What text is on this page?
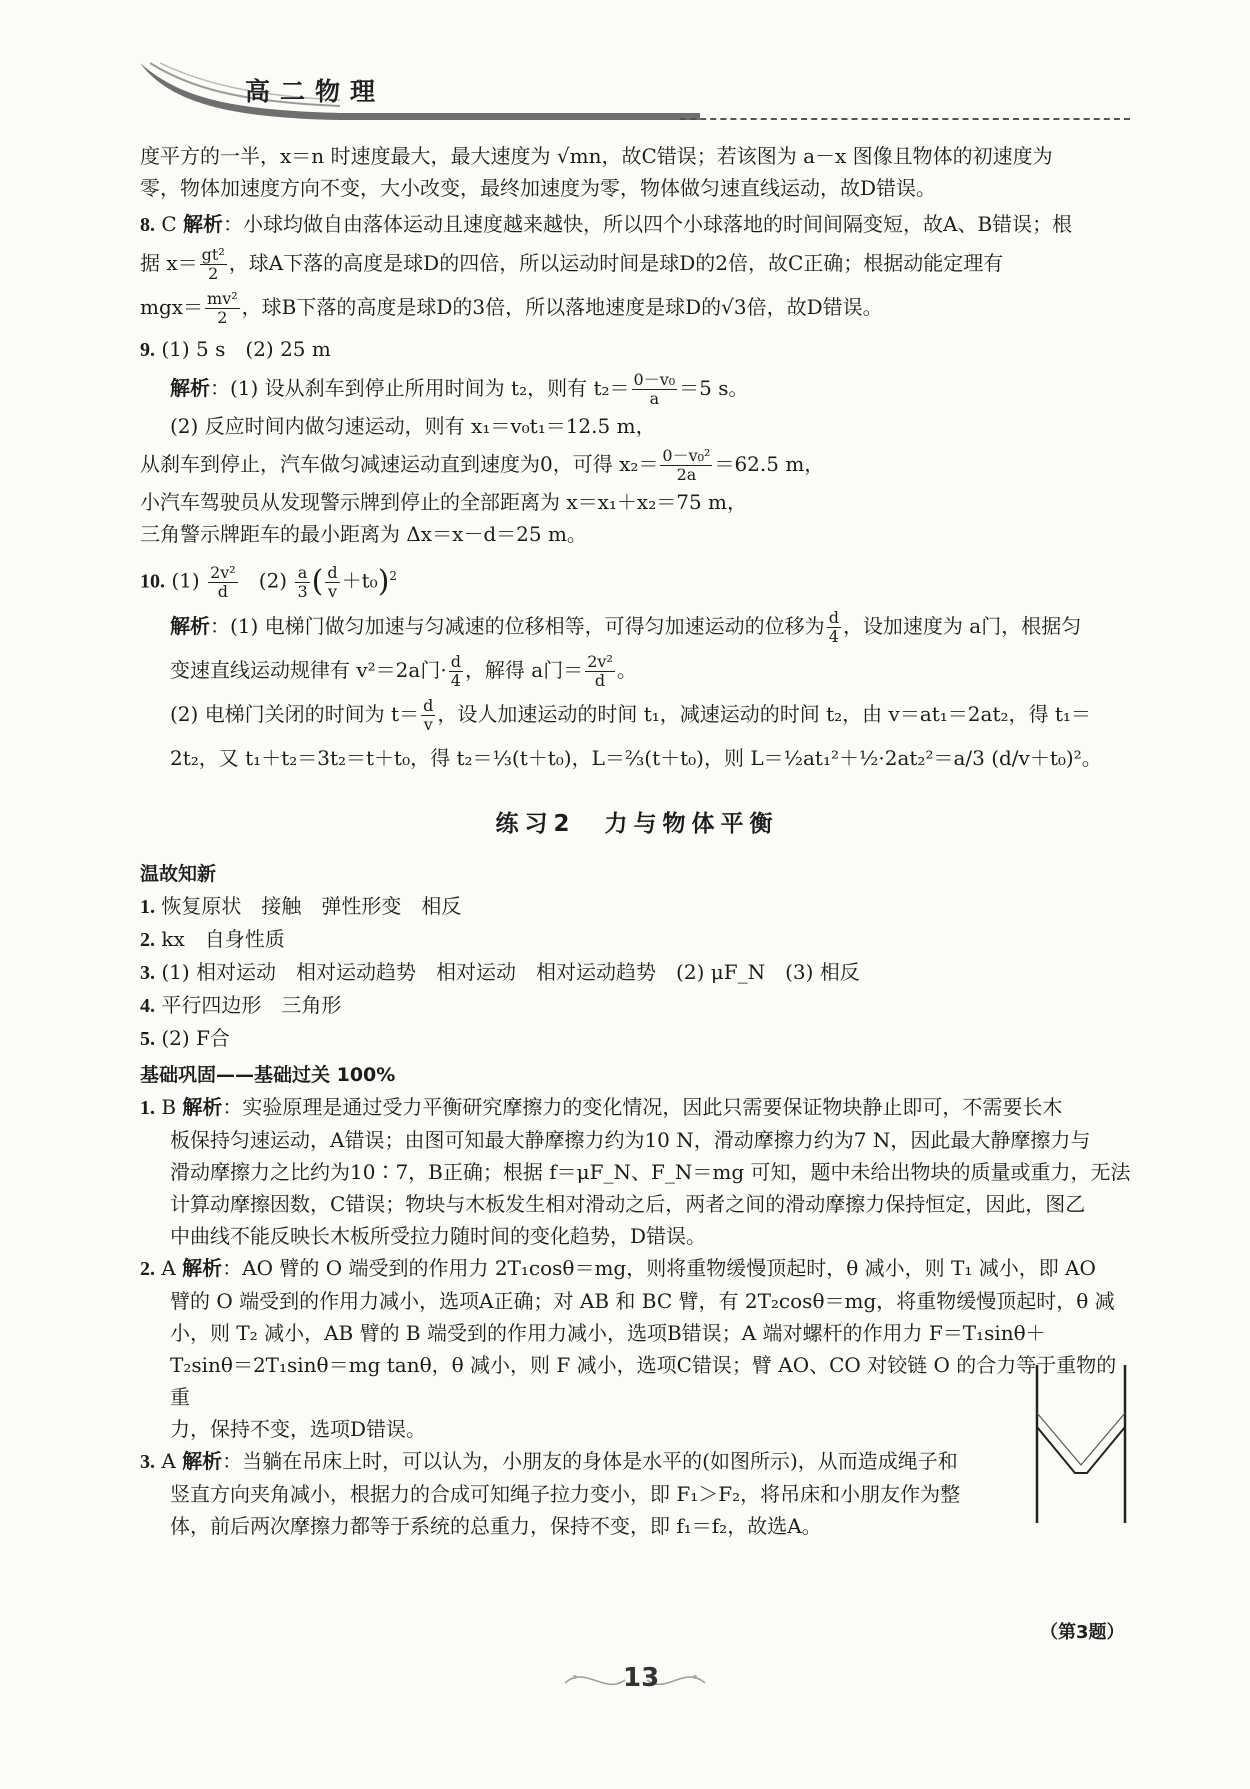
高二物理

度平方的一半，x＝n 时速度最大，最大速度为 √mn，故C错误；若该图为 a－x 图像且物体的初速度为

零，物体加速度方向不变，大小改变，最终加速度为零，物体做匀速直线运动，故D错误。

8. C 解析：小球均做自由落体运动且速度越来越快，所以四个小球落地的时间间隔变短，故A、B错误；根

据 $x= \frac{\text{gt²}}{2}$ ，球A下落的高度是球D的四倍，所以运动时间是球D的2倍，故C正确；根据动能定理有

$mgx= \frac{\text{mv²}}{2}$ ，球B下落的高度是球D的3倍，所以落地速度是球D的√3倍，故D错误。

9. (1) 5 s　(2) 25 m

解析：(1) 设从刹车到停止所用时间为 t₂，则有 $t_2= \frac{\text{0－v₀}}{a} =5$ s。

(2) 反应时间内做匀速运动，则有 x₁＝v₀t₁＝12.5 m，

从刹车到停止，汽车做匀减速运动直到速度为0，可得 $x_2= \frac{\text{0－v₀²}}{2a} =62.5$ m，

小汽车驾驶员从发现警示牌到停止的全部距离为 x＝x₁＋x₂＝75 m，

三角警示牌距车的最小距离为 Δx＝x－d＝25 m。

10. $(1) \frac{\text{2v²}}{d} (2) \frac{a}{3}$ ( $\frac{d}{v} +t_0)^2$

解析：(1) 电梯门做匀加速与匀减速的位移相等，可得匀加速运动的位移为 $\frac{d}{4}$ ，设加速度为 a门，根据匀

变速直线运动规律有 v²＝2a门· $\frac{d}{4}$ ，解得 a门＝ $\frac{\text{2v²}}{d}$ 。

(2) 电梯门关闭的时间为 $t= \frac{d}{v}$ ，设人加速运动的时间 t₁，减速运动的时间 t₂，由 v＝at₁＝2at₂，得 t₁＝

2t₂，又 t₁＋t₂＝3t₂＝t＋t₀，得 t₂＝⅓(t＋t₀)，L＝⅔(t＋t₀)，则 L＝½at₁²＋½·2at₂²＝a/3 (d/v＋t₀)²。

练习2　力与物体平衡
温故知新

1. 恢复原状　接触　弹性形变　相反

2. kx　自身性质

3. (1) 相对运动　相对运动趋势　相对运动　相对运动趋势　(2) μF_N　(3) 相反

4. 平行四边形　三角形

5. (2) F合

基础巩固——基础过关 100%

1. B 解析：实验原理是通过受力平衡研究摩擦力的变化情况，因此只需要保证物块静止即可，不需要长木

板保持匀速运动，A错误；由图可知最大静摩擦力约为10 N，滑动摩擦力约为7 N，因此最大静摩擦力与

滑动摩擦力之比约为10∶7，B正确；根据 f＝μF_N、F_N＝mg 可知，题中未给出物块的质量或重力，无法

计算动摩擦因数，C错误；物块与木板发生相对滑动之后，两者之间的滑动摩擦力保持恒定，因此，图乙

中曲线不能反映长木板所受拉力随时间的变化趋势，D错误。

2. A 解析：AO 臂的 O 端受到的作用力 2T₁cosθ＝mg，则将重物缓慢顶起时，θ 减小，则 T₁ 减小，即 AO

臂的 O 端受到的作用力减小，选项A正确；对 AB 和 BC 臂，有 2T₂cosθ＝mg，将重物缓慢顶起时，θ 减

小，则 T₂ 减小，AB 臂的 B 端受到的作用力减小，选项B错误；A 端对螺杆的作用力 F＝T₁sinθ＋

T₂sinθ＝2T₁sinθ＝mg tanθ，θ 减小，则 F 减小，选项C错误；臂 AO、CO 对铰链 O 的合力等于重物的重

力，保持不变，选项D错误。

3. A 解析：当躺在吊床上时，可以认为，小朋友的身体是水平的(如图所示)，从而造成绳子和

竖直方向夹角减小，根据力的合成可知绳子拉力变小，即 F₁＞F₂，将吊床和小朋友作为整

体，前后两次摩擦力都等于系统的总重力，保持不变，即 f₁＝f₂，故选A。

（第3题）
13
